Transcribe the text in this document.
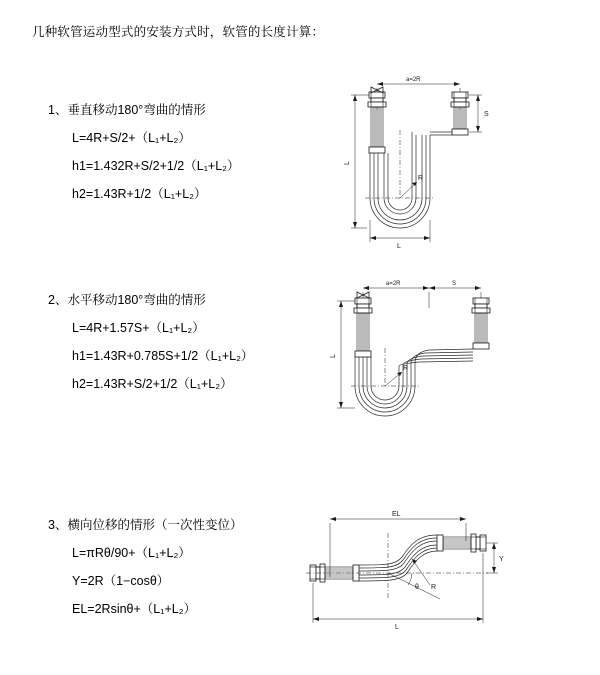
几种软管运动型式的安装方式时，软管的长度计算：
1、垂直移动180°弯曲的情形
L=4R+S/2+（L₁+L₂）
h1=1.432R+S/2+1/2（L₁+L₂）
h2=1.43R+1/2（L₁+L₂）
a=2R
R
L
L
S
2、水平移动180°弯曲的情形
L=4R+1.57S+（L₁+L₂）
h1=1.43R+0.785S+1/2（L₁+L₂）
h2=1.43R+S/2+1/2（L₁+L₂）
a=2R	S
R
L
3、横向位移的情形（一次性变位）
L=πRθ/90+（L₁+L₂）
Y=2R（1−cosθ）
EL=2Rsinθ+（L₁+L₂）
EL
θ R
Y
L
